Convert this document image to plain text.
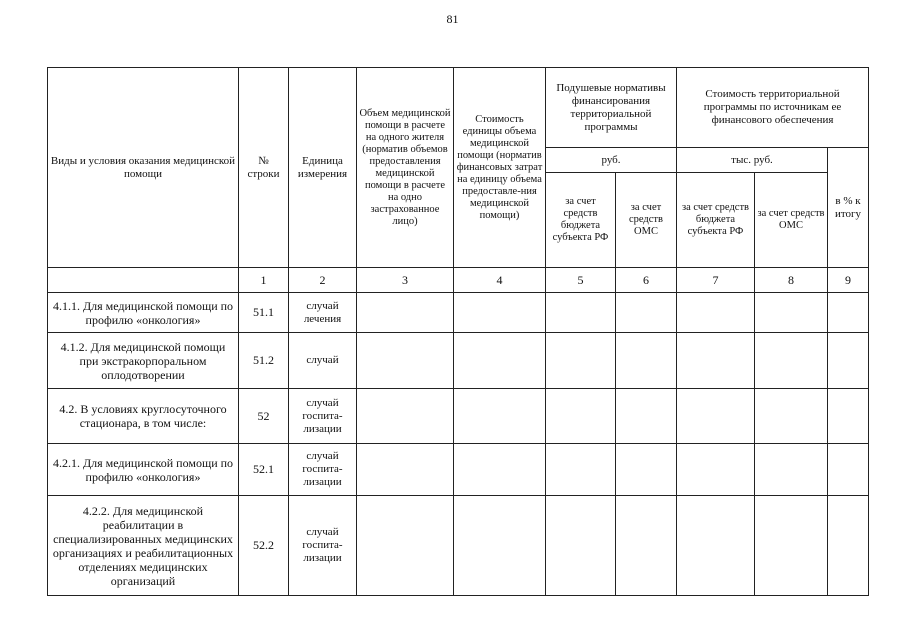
81
Виды и условия оказания медицинской помощи	№ строки	Единица измерения	Объем медицинской помощи в расчете на одного жителя (норматив объемов предоставления медицинской помощи в расчете на одно застрахованное лицо)	Стоимость единицы объема медицинской помощи (норматив финансовых затрат на единицу объема предоставле-ния медицинской помощи)	Подушевые нормативы финансирования территориальной программы		Стоимость территориальной программы по источникам ее финансового обеспечения		
					руб.		тыс. руб.		в % к итогу
					за счет средств бюджета субъекта РФ	за счет средств ОМС	за счет средств бюджета субъекта РФ	за счет средств ОМС	
	1	2	3	4	5	6	7	8	9
4.1.1. Для медицинской помощи по профилю «онкология»	51.1	случай лечения							
4.1.2. Для медицинской помощи при экстракорпоральном оплодотворении	51.2	случай							
4.2. В условиях круглосуточного стационара, в том числе:	52	случай госпита-лизации							
4.2.1. Для медицинской помощи по профилю «онкология»	52.1	случай госпита-лизации							
4.2.2. Для медицинской реабилитации в специализированных медицинских организациях и реабилитационных отделениях медицинских организаций	52.2	случай госпита-лизации							
